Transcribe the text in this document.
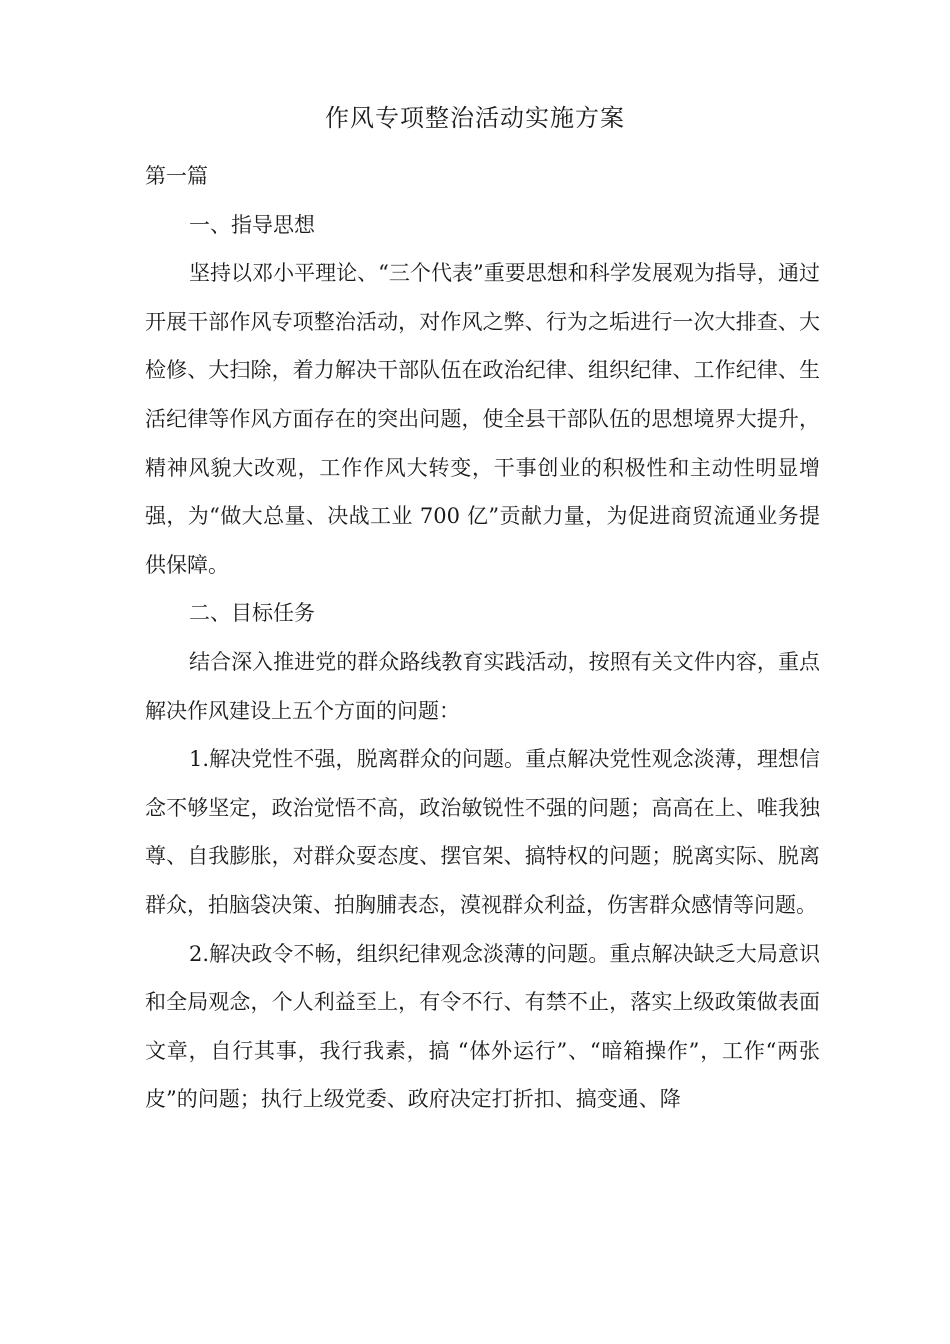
作风专项整治活动实施方案

第一篇

一、指导思想

坚持以邓小平理论、“三个代表”重要思想和科学发展观为指导，通过开展干部作风专项整治活动，对作风之弊、行为之垢进行一次大排查、大检修、大扫除，着力解决干部队伍在政治纪律、组织纪律、工作纪律、生活纪律等作风方面存在的突出问题，使全县干部队伍的思想境界大提升，精神风貌大改观，工作作风大转变，干事创业的积极性和主动性明显增强，为“做大总量、决战工业 700 亿”贡献力量，为促进商贸流通业务提供保障。

二、目标任务

结合深入推进党的群众路线教育实践活动，按照有关文件内容，重点解决作风建设上五个方面的问题：

1.解决党性不强，脱离群众的问题。重点解决党性观念淡薄，理想信念不够坚定，政治觉悟不高，政治敏锐性不强的问题；高高在上、唯我独尊、自我膨胀，对群众耍态度、摆官架、搞特权的问题；脱离实际、脱离群众，拍脑袋决策、拍胸脯表态，漠视群众利益，伤害群众感情等问题。

2.解决政令不畅，组织纪律观念淡薄的问题。重点解决缺乏大局意识和全局观念，个人利益至上，有令不行、有禁不止，落实上级政策做表面文章，自行其事，我行我素，搞 “体外运行”、“暗箱操作”，工作“两张皮”的问题；执行上级党委、政府决定打折扣、搞变通、降
